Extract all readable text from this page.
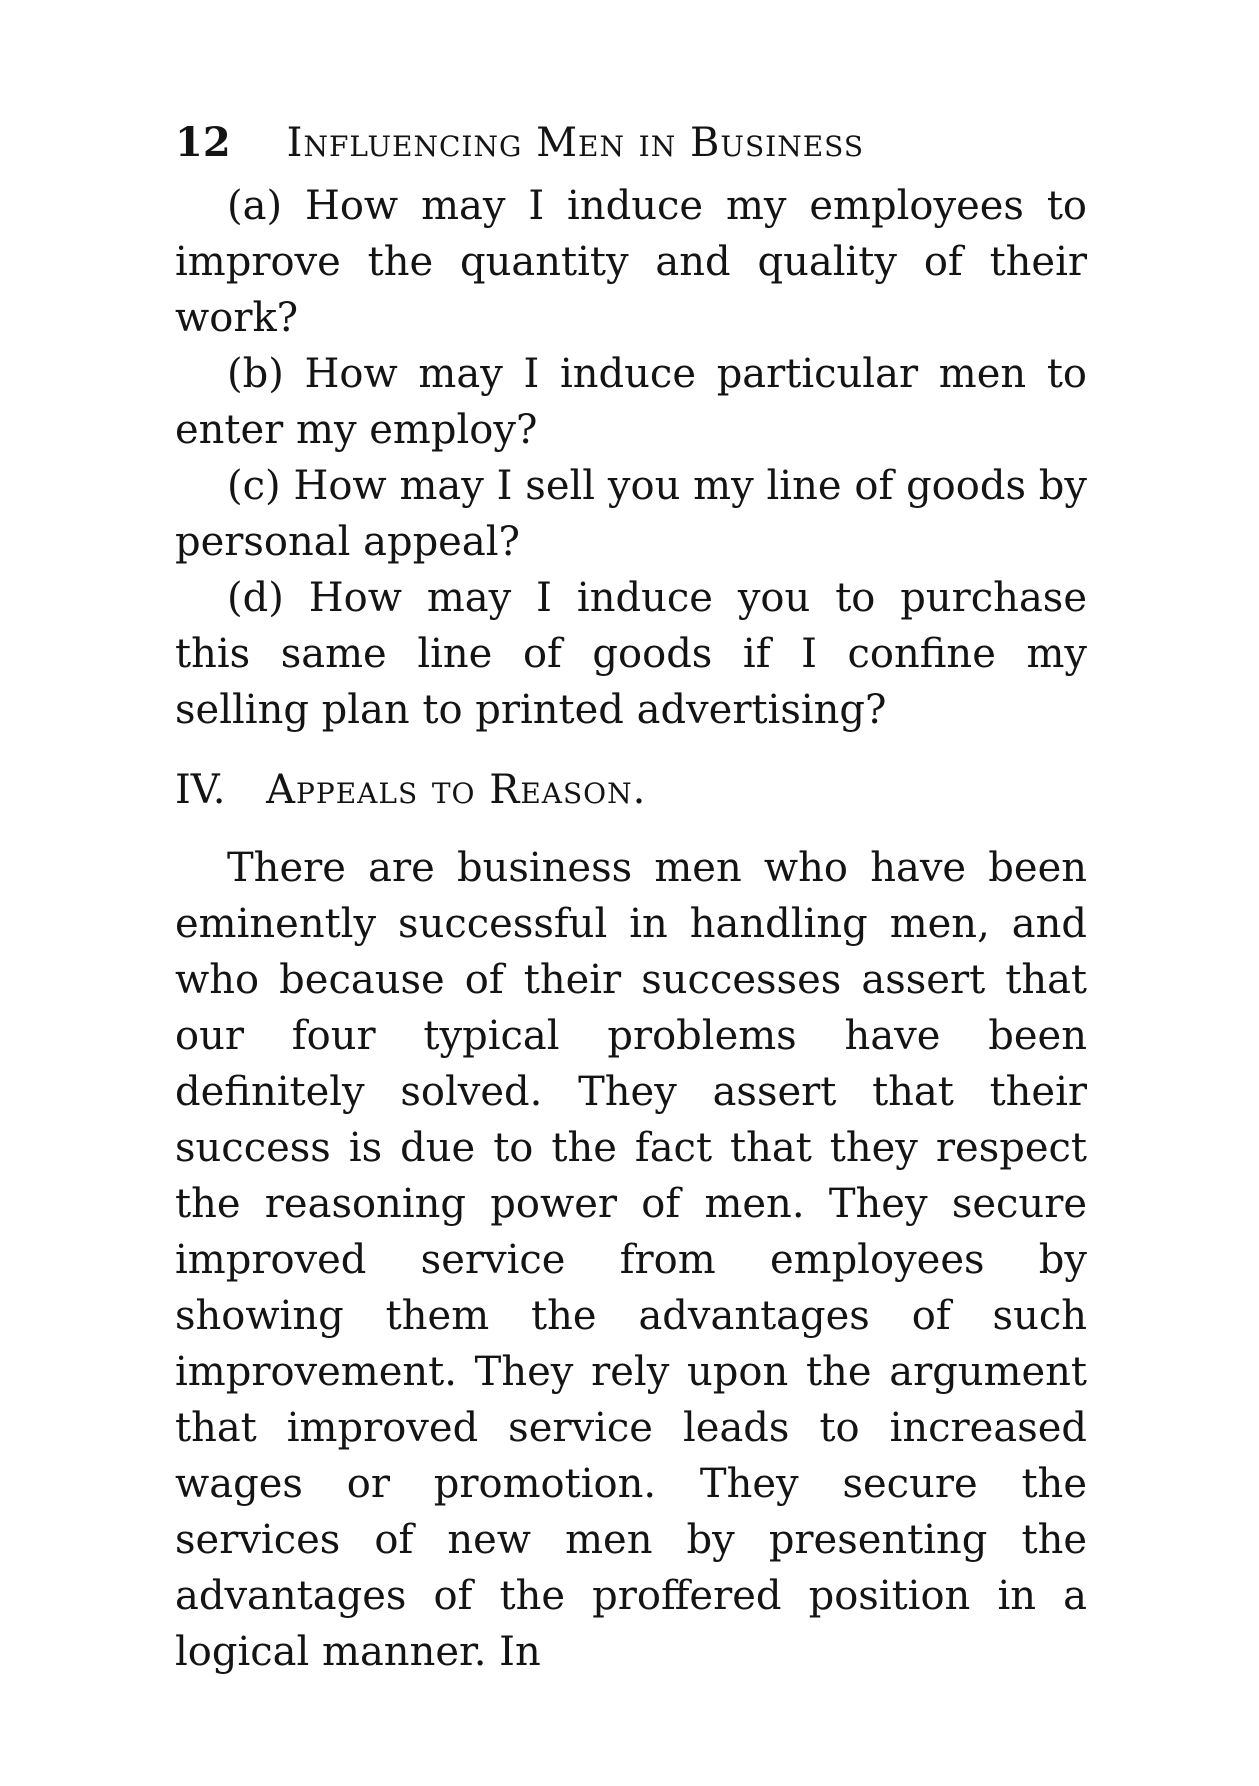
12 Influencing Men in Business

(a) How may I induce my employees to improve the quantity and quality of their work?

(b) How may I induce particular men to enter my employ?

(c) How may I sell you my line of goods by personal appeal?

(d) How may I induce you to purchase this same line of goods if I confine my selling plan to printed advertising?

IV. Appeals to Reason.

There are business men who have been eminently successful in handling men, and who because of their successes assert that our four typical problems have been definitely solved. They assert that their success is due to the fact that they respect the reasoning power of men. They secure improved service from employees by showing them the advantages of such improvement. They rely upon the argument that improved service leads to increased wages or promotion. They secure the services of new men by presenting the advantages of the proffered position in a logical manner. In
